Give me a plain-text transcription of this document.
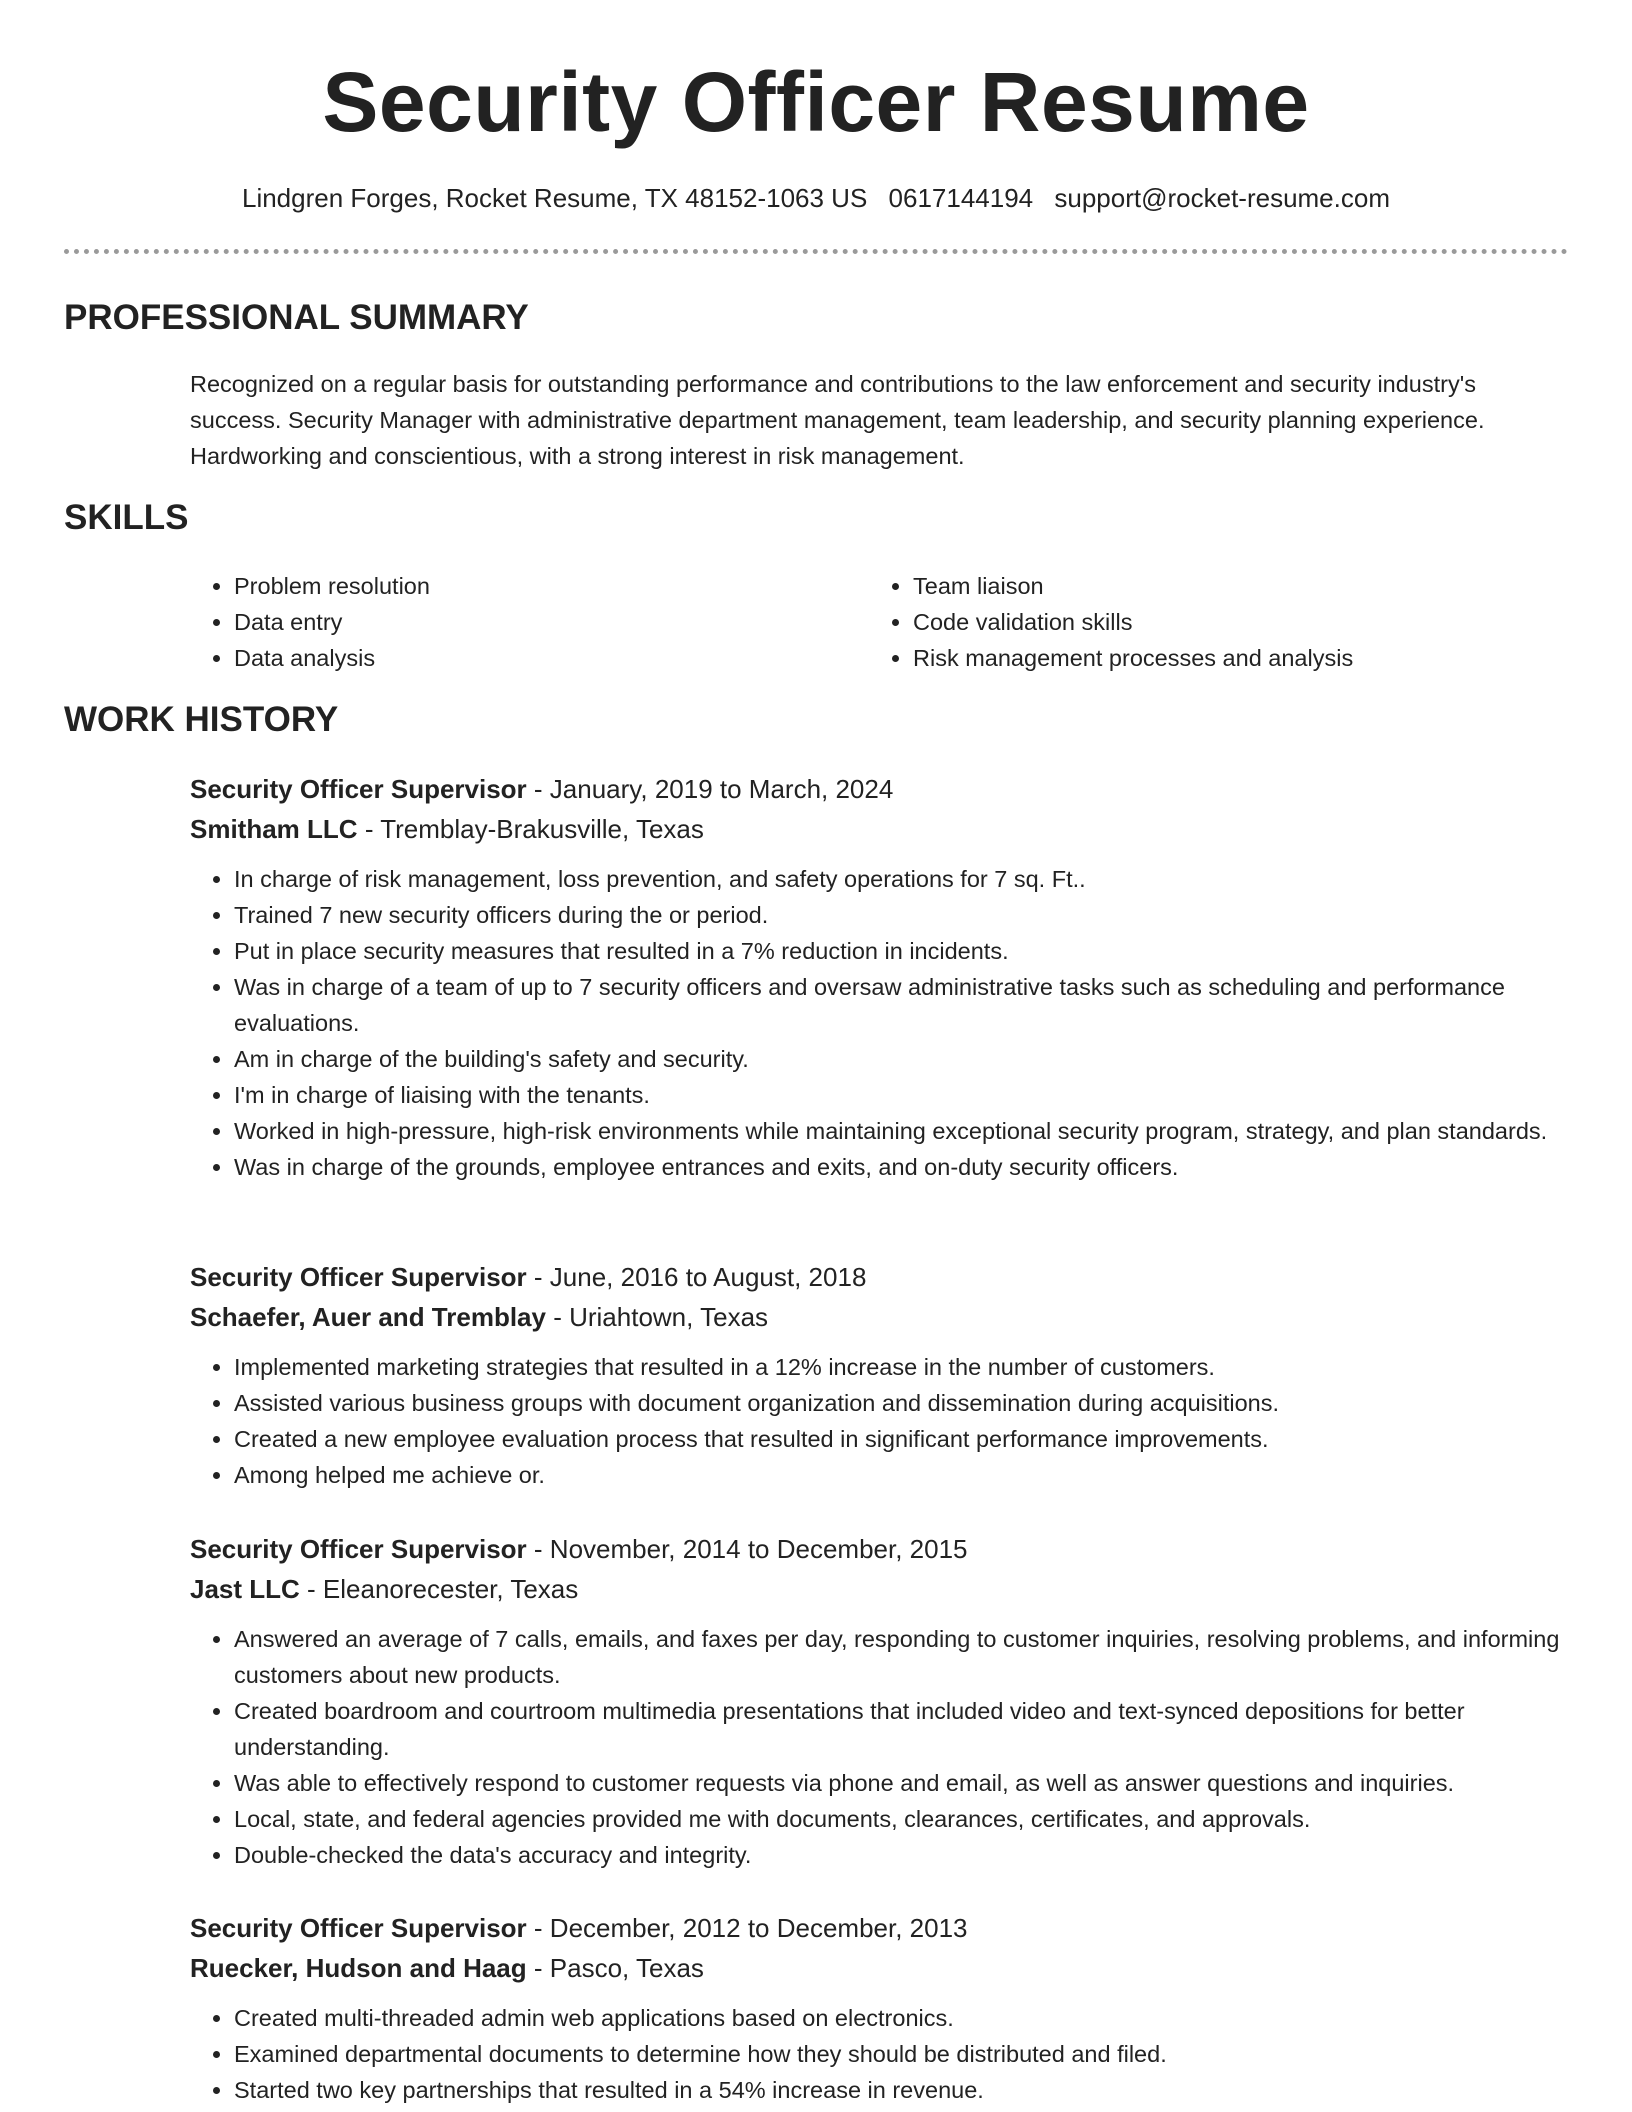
Security Officer Resume
Lindgren Forges, Rocket Resume, TX 48152-1063 US 0617144194 support@rocket-resume.com
PROFESSIONAL SUMMARY
Recognized on a regular basis for outstanding performance and contributions to the law enforcement and security industry's success. Security Manager with administrative department management, team leadership, and security planning experience. Hardworking and conscientious, with a strong interest in risk management.
SKILLS
• Problem resolution
• Data entry
• Data analysis
• Team liaison
• Code validation skills
• Risk management processes and analysis
WORK HISTORY
Security Officer Supervisor - January, 2019 to March, 2024
Smitham LLC - Tremblay-Brakusville, Texas
• In charge of risk management, loss prevention, and safety operations for 7 sq. Ft..
• Trained 7 new security officers during the or period.
• Put in place security measures that resulted in a 7% reduction in incidents.
• Was in charge of a team of up to 7 security officers and oversaw administrative tasks such as scheduling and performance evaluations.
• Am in charge of the building's safety and security.
• I'm in charge of liaising with the tenants.
• Worked in high-pressure, high-risk environments while maintaining exceptional security program, strategy, and plan standards.
• Was in charge of the grounds, employee entrances and exits, and on-duty security officers.
Security Officer Supervisor - June, 2016 to August, 2018
Schaefer, Auer and Tremblay - Uriahtown, Texas
• Implemented marketing strategies that resulted in a 12% increase in the number of customers.
• Assisted various business groups with document organization and dissemination during acquisitions.
• Created a new employee evaluation process that resulted in significant performance improvements.
• Among helped me achieve or.
Security Officer Supervisor - November, 2014 to December, 2015
Jast LLC - Eleanorecester, Texas
• Answered an average of 7 calls, emails, and faxes per day, responding to customer inquiries, resolving problems, and informing customers about new products.
• Created boardroom and courtroom multimedia presentations that included video and text-synced depositions for better understanding.
• Was able to effectively respond to customer requests via phone and email, as well as answer questions and inquiries.
• Local, state, and federal agencies provided me with documents, clearances, certificates, and approvals.
• Double-checked the data's accuracy and integrity.
Security Officer Supervisor - December, 2012 to December, 2013
Ruecker, Hudson and Haag - Pasco, Texas
• Created multi-threaded admin web applications based on electronics.
• Examined departmental documents to determine how they should be distributed and filed.
• Started two key partnerships that resulted in a 54% increase in revenue.
